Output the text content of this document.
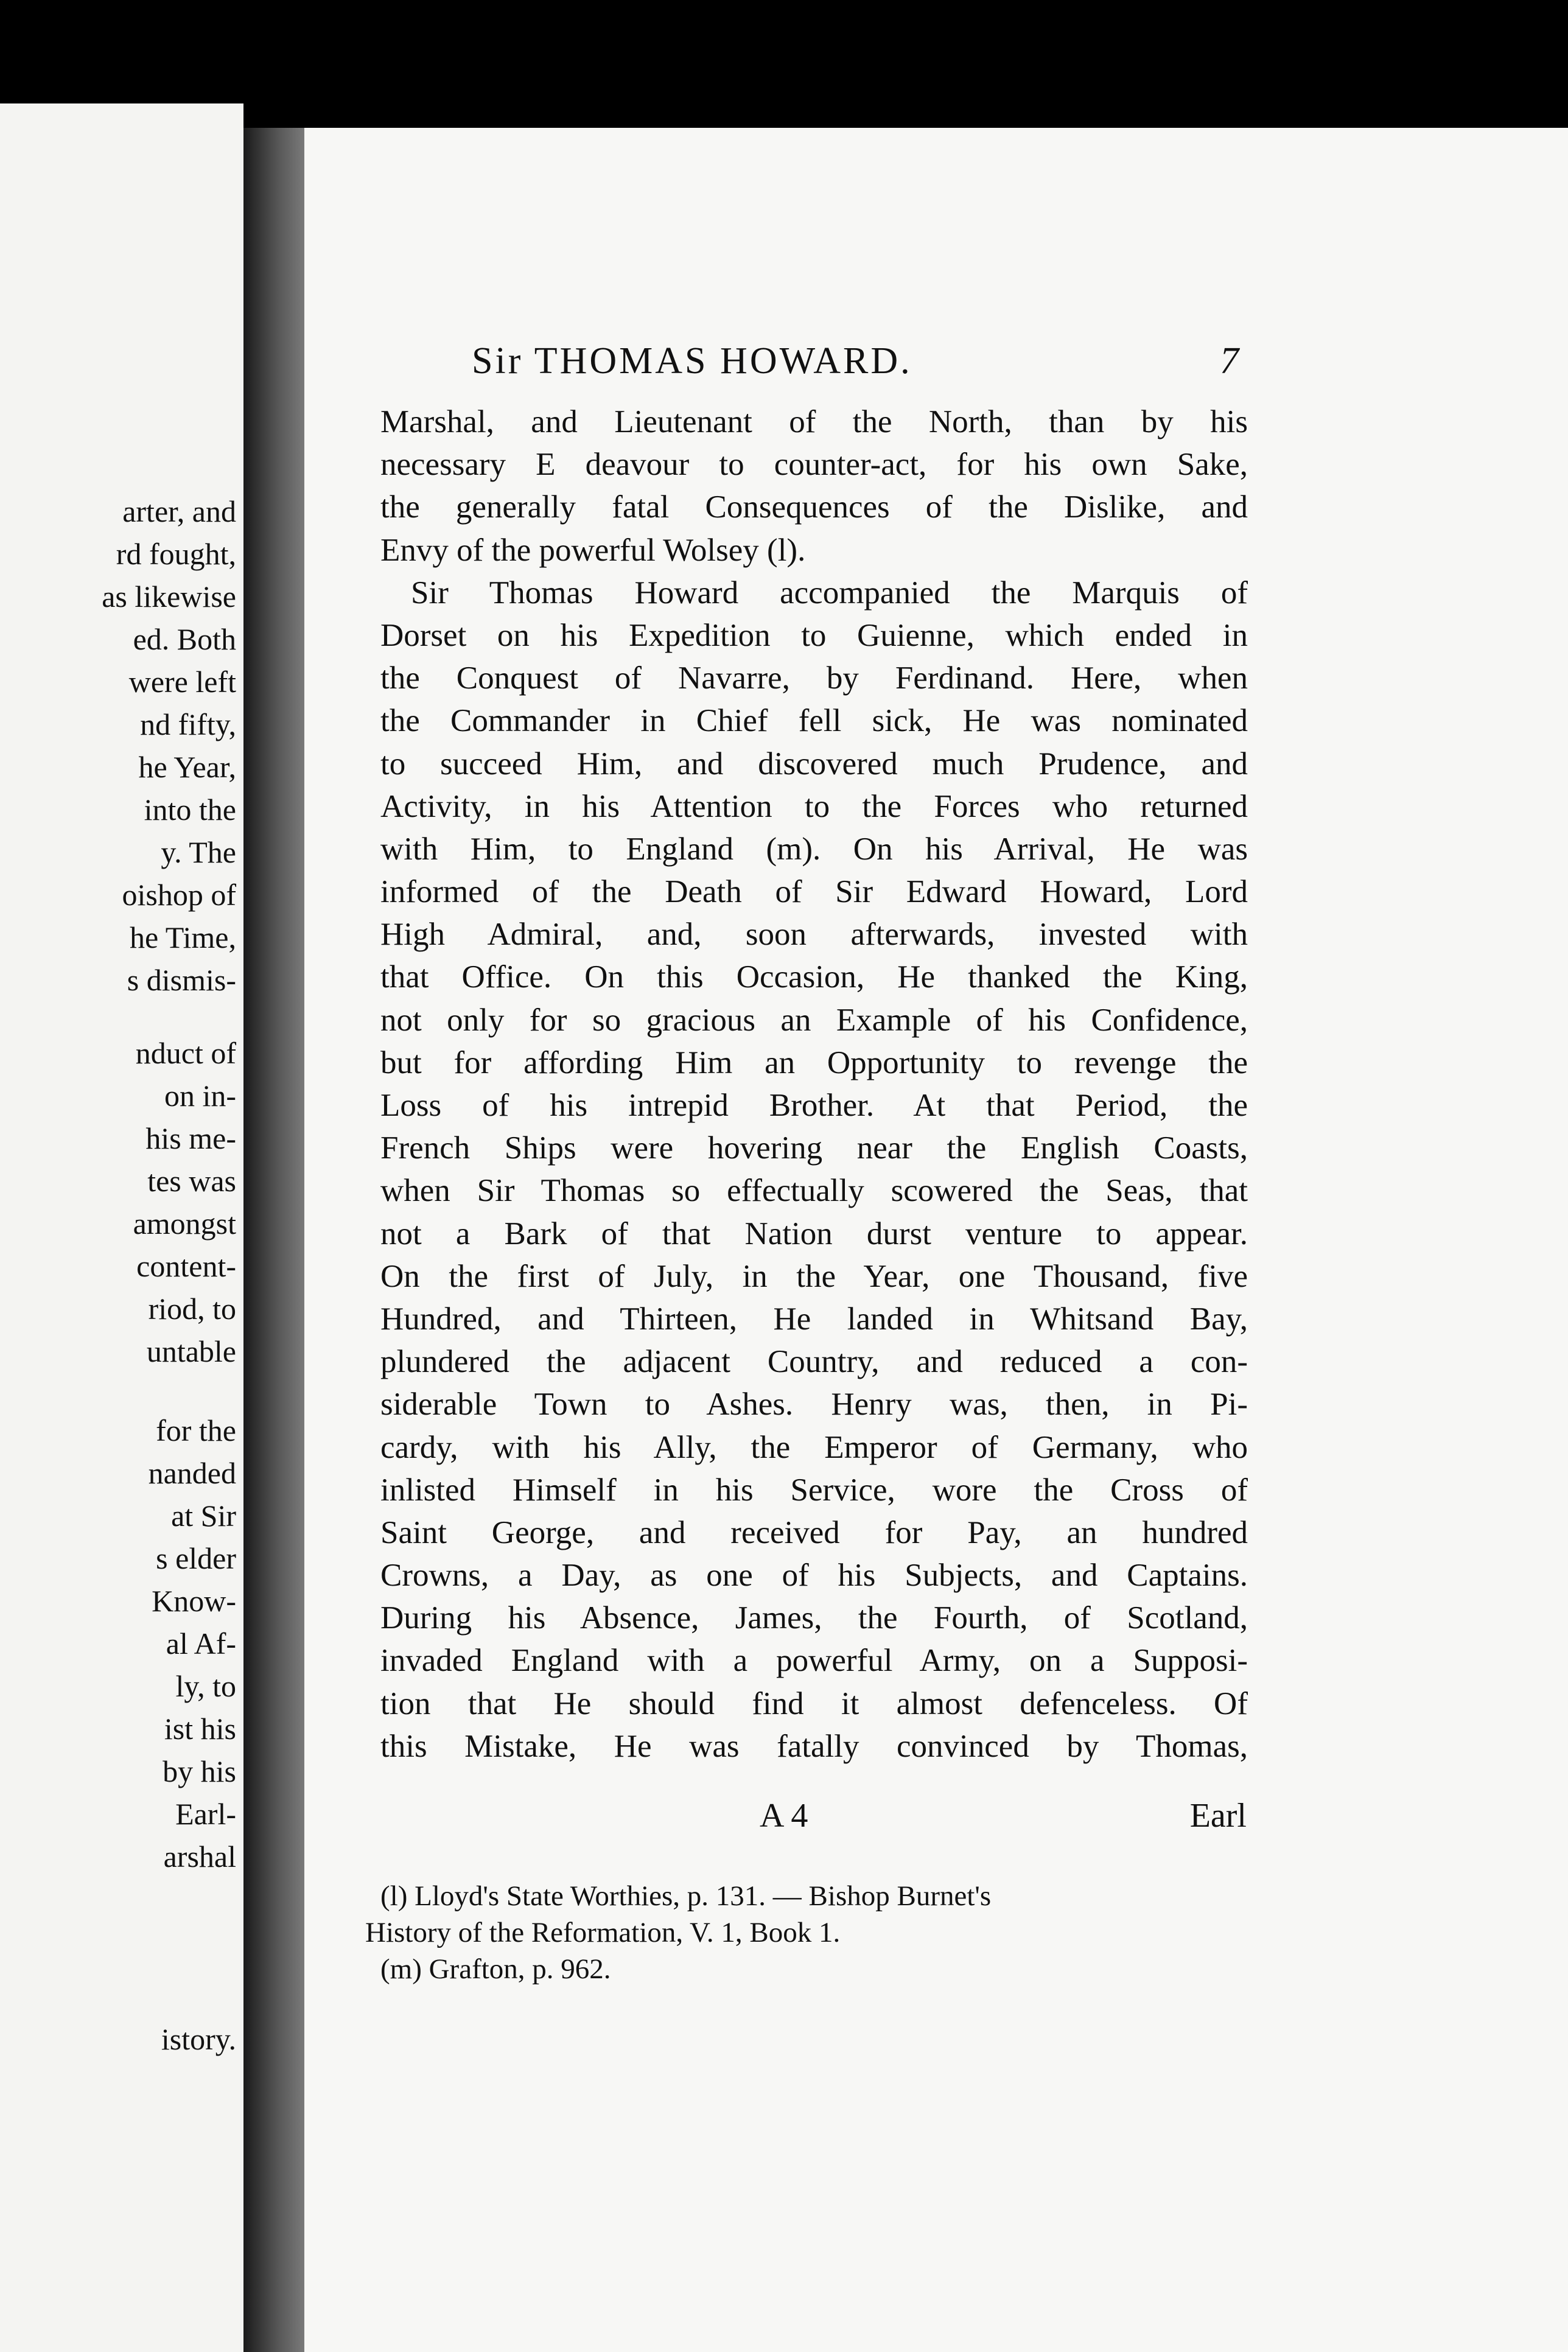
arter, and
rd fought,
as likewise
ed. Both
were left
nd fifty,
he Year,
into the
y. The
oishop of
he Time,
s dismis-
nduct of
on in-
his me-
tes was
amongst
content-
riod, to
untable
for the
nanded
at Sir
s elder
Know-
al Af-
ly, to
ist his
by his
Earl-
arshal
istory.
Sir THOMAS HOWARD.	7
Marshal, and Lieutenant of the North, than by his
necessary E deavour to counter-act, for his own Sake,
the generally fatal Consequences of the Dislike, and
Envy of the powerful Wolsey (l).
Sir Thomas Howard accompanied the Marquis of
Dorset on his Expedition to Guienne, which ended in
the Conquest of Navarre, by Ferdinand. Here, when
the Commander in Chief fell sick, He was nominated
to succeed Him, and discovered much Prudence, and
Activity, in his Attention to the Forces who returned
with Him, to England (m). On his Arrival, He was
informed of the Death of Sir Edward Howard, Lord
High Admiral, and, soon afterwards, invested with
that Office. On this Occasion, He thanked the King,
not only for so gracious an Example of his Confidence,
but for affording Him an Opportunity to revenge the
Loss of his intrepid Brother. At that Period, the
French Ships were hovering near the English Coasts,
when Sir Thomas so effectually scowered the Seas, that
not a Bark of that Nation durst venture to appear.
On the first of July, in the Year, one Thousand, five
Hundred, and Thirteen, He landed in Whitsand Bay,
plundered the adjacent Country, and reduced a con-
siderable Town to Ashes. Henry was, then, in Pi-
cardy, with his Ally, the Emperor of Germany, who
inlisted Himself in his Service, wore the Cross of
Saint George, and received for Pay, an hundred
Crowns, a Day, as one of his Subjects, and Captains.
During his Absence, James, the Fourth, of Scotland,
invaded England with a powerful Army, on a Supposi-
tion that He should find it almost defenceless. Of
this Mistake, He was fatally convinced by Thomas,
A 4	Earl
(l) Lloyd's State Worthies, p. 131. — Bishop Burnet's
History of the Reformation, V. 1, Book 1.
(m) Grafton, p. 962.
